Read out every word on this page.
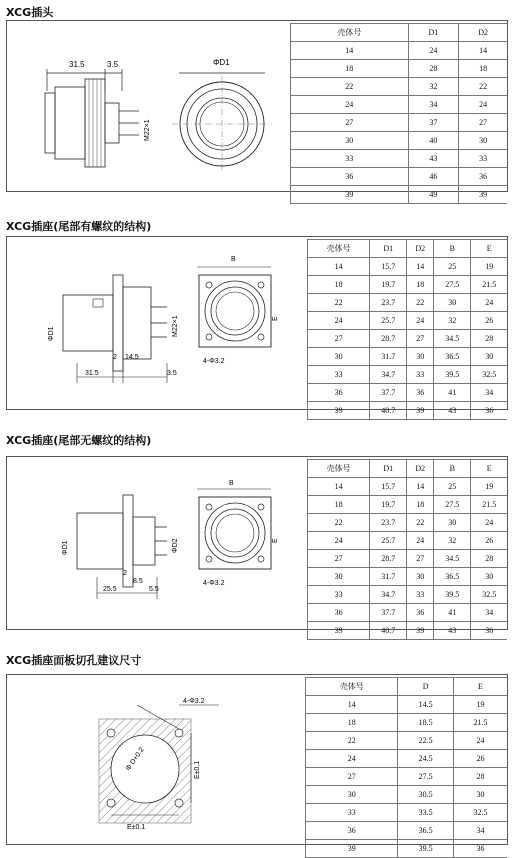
XCG插头
31.5	3.5
M22×1
ΦD1
壳体号	D1	D2
14	24	14
18	28	18
22	32	22
24	34	24
27	37	27
30	40	30
33	43	33
36	46	36
39	49	39
XCG插座(尾部有螺纹的结构)
ΦD1	M22×1
2 14.5
31.5	3.5
B
E
4-Φ3.2
壳体号	D1	D2	B	E
14	15.7	14	25	19
18	19.7	18	27.5	21.5
22	23.7	22	30	24
24	25.7	24	32	26
27	28.7	27	34.5	28
30	31.7	30	36.5	30
33	34.7	33	39.5	32.5
36	37.7	36	41	34
39	40.7	39	43	36
XCG插座(尾部无螺纹的结构)
ΦD1	ΦD2
2
8.5
25.5	5.5
B
E
4-Φ3.2
壳体号	D1	D2	B	E
14	15.7	14	25	19
18	19.7	18	27.5	21.5
22	23.7	22	30	24
24	25.7	24	32	26
27	28.7	27	34.5	28
30	31.7	30	36.5	30
33	34.7	33	39.5	32.5
36	37.7	36	41	34
39	40.7	39	43	36
XCG插座面板切孔建议尺寸
4-Φ3.2
Φ D+0.2	E±0.1
E±0.1
壳体号	D	E
14	14.5	19
18	18.5	21.5
22	22.5	24
24	24.5	26
27	27.5	28
30	30.5	30
33	33.5	32.5
36	36.5	34
39	39.5	36
